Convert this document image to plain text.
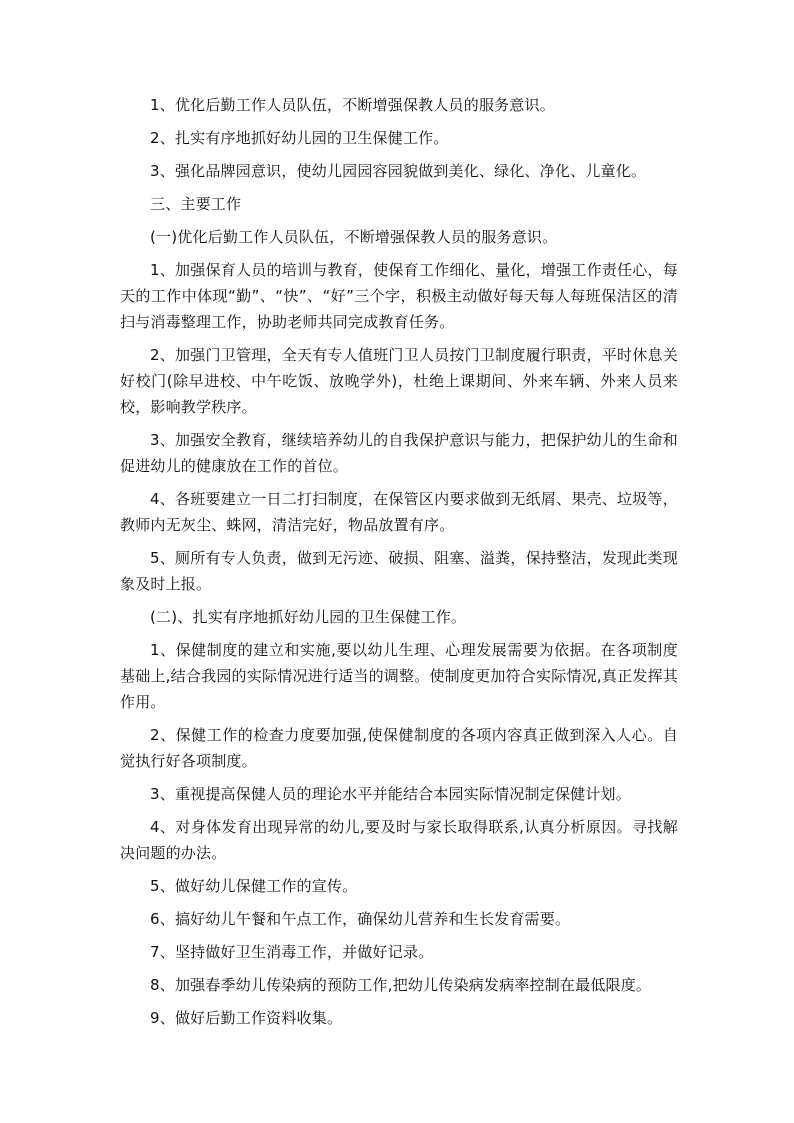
1、优化后勤工作人员队伍，不断增强保教人员的服务意识。

2、扎实有序地抓好幼儿园的卫生保健工作。

3、强化品牌园意识，使幼儿园园容园貌做到美化、绿化、净化、儿童化。

三、主要工作

(一)优化后勤工作人员队伍，不断增强保教人员的服务意识。

1、加强保育人员的培训与教育，使保育工作细化、量化，增强工作责任心，每天的工作中体现“勤”、“快”、“好”三个字，积极主动做好每天每人每班保洁区的清扫与消毒整理工作，协助老师共同完成教育任务。

2、加强门卫管理，全天有专人值班门卫人员按门卫制度履行职责，平时休息关好校门(除早进校、中午吃饭、放晚学外)，杜绝上课期间、外来车辆、外来人员来校，影响教学秩序。

3、加强安全教育，继续培养幼儿的自我保护意识与能力，把保护幼儿的生命和促进幼儿的健康放在工作的首位。

4、各班要建立一日二打扫制度，在保管区内要求做到无纸屑、果壳、垃圾等，教师内无灰尘、蛛网，清洁完好，物品放置有序。

5、厕所有专人负责，做到无污迹、破损、阻塞、溢粪，保持整洁，发现此类现象及时上报。

(二)、扎实有序地抓好幼儿园的卫生保健工作。

1、保健制度的建立和实施,要以幼儿生理、心理发展需要为依据。在各项制度基础上,结合我园的实际情况进行适当的调整。使制度更加符合实际情况,真正发挥其作用。

2、保健工作的检查力度要加强,使保健制度的各项内容真正做到深入人心。自觉执行好各项制度。

3、重视提高保健人员的理论水平并能结合本园实际情况制定保健计划。

4、对身体发育出现异常的幼儿,要及时与家长取得联系,认真分析原因。寻找解决问题的办法。

5、做好幼儿保健工作的宣传。

6、搞好幼儿午餐和午点工作，确保幼儿营养和生长发育需要。

7、坚持做好卫生消毒工作，并做好记录。

8、加强春季幼儿传染病的预防工作,把幼儿传染病发病率控制在最低限度。

9、做好后勤工作资料收集。
